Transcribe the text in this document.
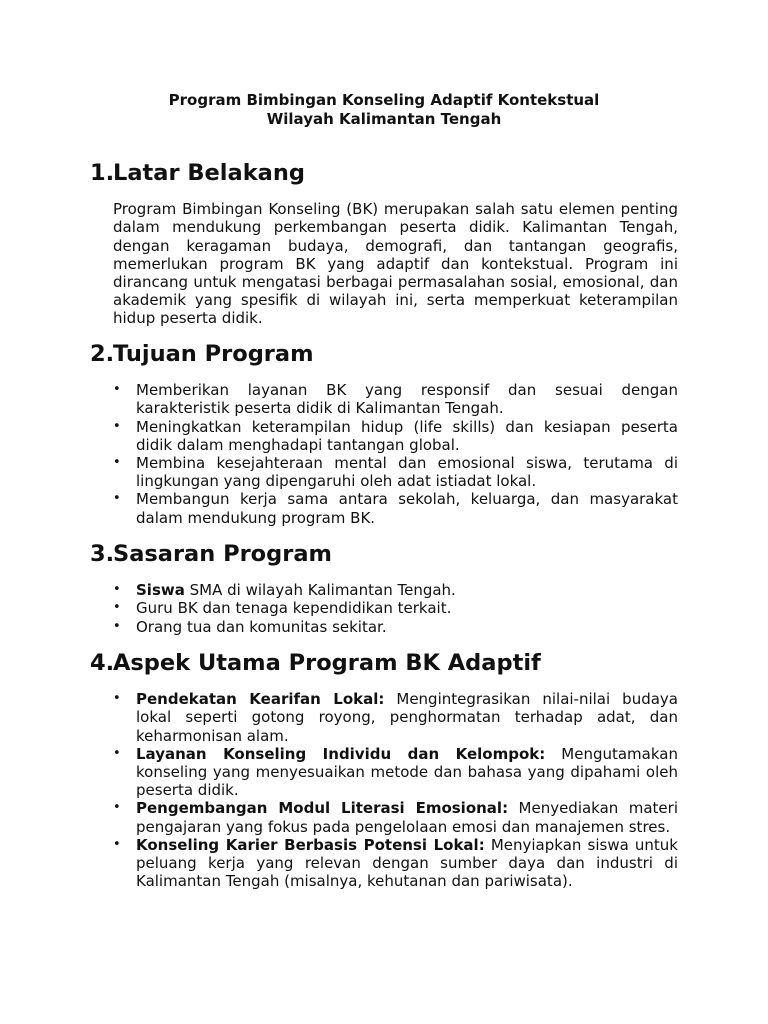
Program Bimbingan Konseling Adaptif Kontekstual
Wilayah Kalimantan Tengah
1.
Latar Belakang

Program Bimbingan Konseling (BK) merupakan salah satu elemen penting dalam mendukung perkembangan peserta didik. Kalimantan Tengah, dengan keragaman budaya, demografi, dan tantangan geografis, memerlukan program BK yang adaptif dan kontekstual. Program ini dirancang untuk mengatasi berbagai permasalahan sosial, emosional, dan akademik yang spesifik di wilayah ini, serta memperkuat keterampilan hidup peserta didik.

2.
Tujuan Program
•	Memberikan layanan BK yang responsif dan sesuai dengan karakteristik peserta didik di Kalimantan Tengah.
•	Meningkatkan keterampilan hidup (life skills) dan kesiapan peserta didik dalam menghadapi tantangan global.
•	Membina kesejahteraan mental dan emosional siswa, terutama di lingkungan yang dipengaruhi oleh adat istiadat lokal.
•	Membangun kerja sama antara sekolah, keluarga, dan masyarakat dalam mendukung program BK.
3.
Sasaran Program
•	Siswa SMA di wilayah Kalimantan Tengah.
•	Guru BK dan tenaga kependidikan terkait.
•	Orang tua dan komunitas sekitar.
4.
Aspek Utama Program BK Adaptif
•	Pendekatan Kearifan Lokal: Mengintegrasikan nilai-nilai budaya lokal seperti gotong royong, penghormatan terhadap adat, dan keharmonisan alam.
•	Layanan Konseling Individu dan Kelompok: Mengutamakan konseling yang menyesuaikan metode dan bahasa yang dipahami oleh peserta didik.
•	Pengembangan Modul Literasi Emosional: Menyediakan materi pengajaran yang fokus pada pengelolaan emosi dan manajemen stres.
•	Konseling Karier Berbasis Potensi Lokal: Menyiapkan siswa untuk peluang kerja yang relevan dengan sumber daya dan industri di Kalimantan Tengah (misalnya, kehutanan dan pariwisata).
